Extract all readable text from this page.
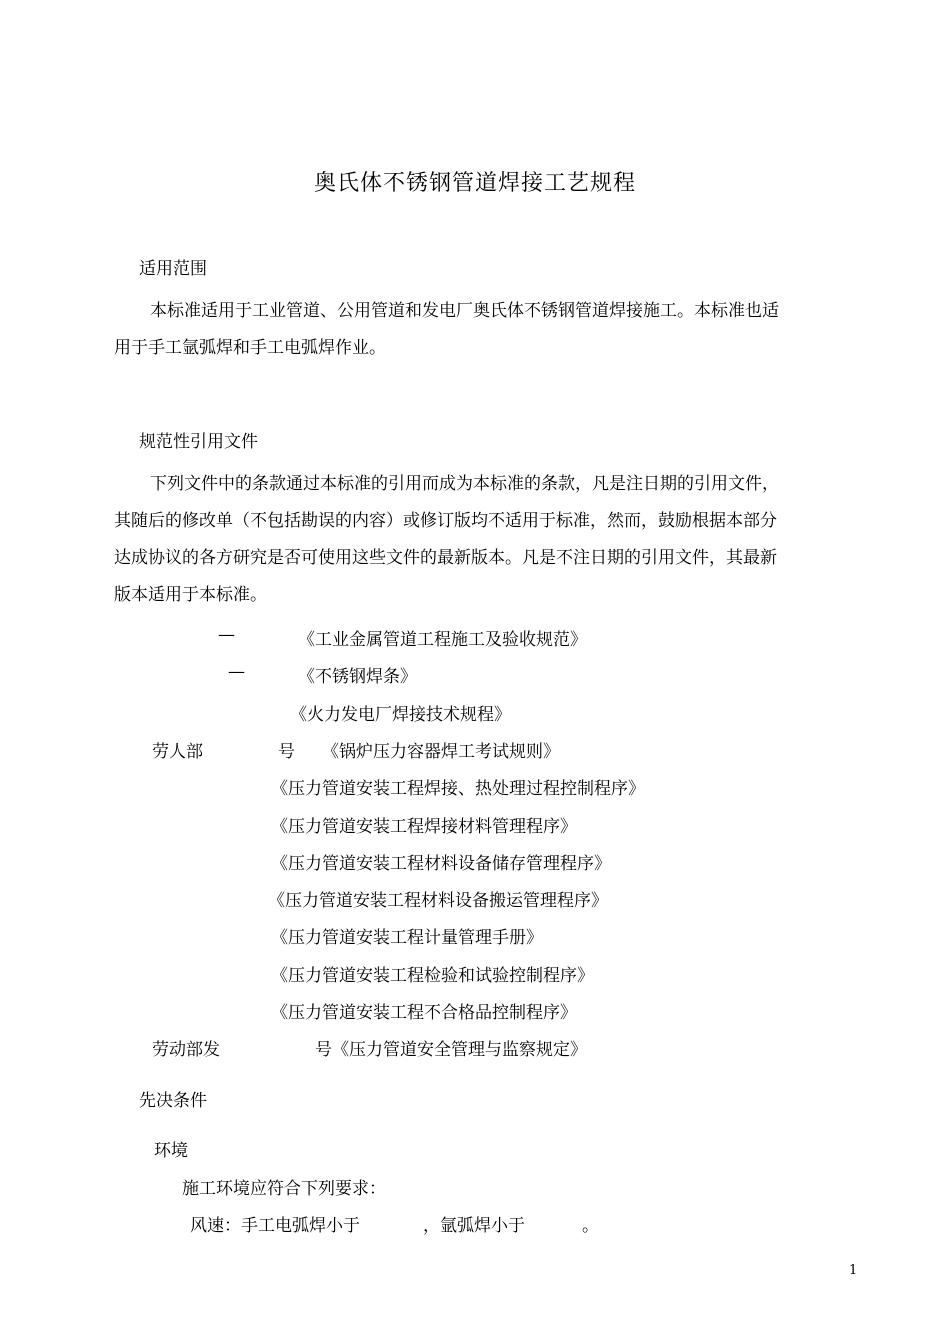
奥氏体不锈钢管道焊接工艺规程
适用范围
本标准适用于工业管道、公用管道和发电厂奥氏体不锈钢管道焊接施工。本标准也适
用于手工氩弧焊和手工电弧焊作业。
规范性引用文件
下列文件中的条款通过本标准的引用而成为本标准的条款，凡是注日期的引用文件，
其随后的修改单（不包括勘误的内容）或修订版均不适用于标准，然而，鼓励根据本部分
达成协议的各方研究是否可使用这些文件的最新版本。凡是不注日期的引用文件，其最新
版本适用于本标准。
—	《工业金属管道工程施工及验收规范》
—	《不锈钢焊条》
《火力发电厂焊接技术规程》
劳人部	号 《锅炉压力容器焊工考试规则》
《压力管道安装工程焊接、热处理过程控制程序》
《压力管道安装工程焊接材料管理程序》
《压力管道安装工程材料设备储存管理程序》
《压力管道安装工程材料设备搬运管理程序》
《压力管道安装工程计量管理手册》
《压力管道安装工程检验和试验控制程序》
《压力管道安装工程不合格品控制程序》
劳动部发	号《压力管道安全管理与监察规定》
先决条件
环境
施工环境应符合下列要求：
风速：手工电弧焊小于	，氩弧焊小于	。
1
